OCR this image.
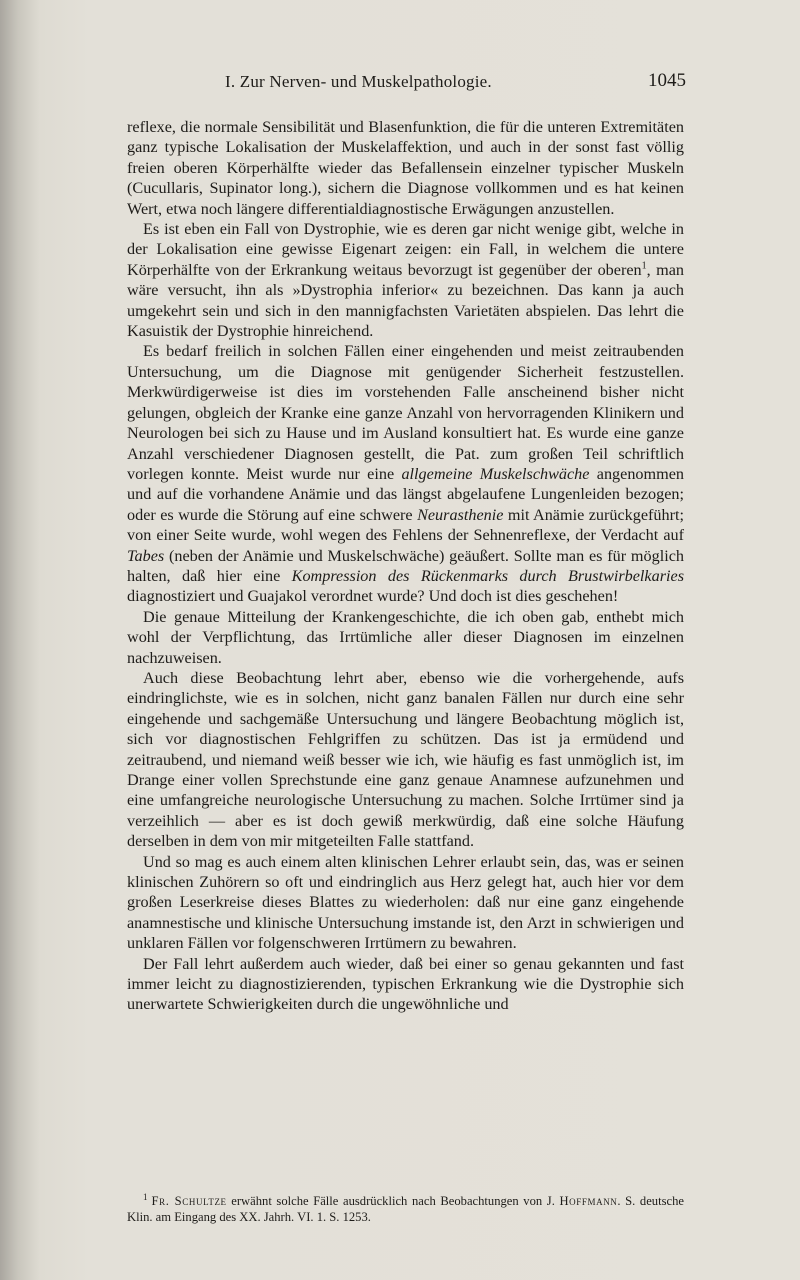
I. Zur Nerven- und Muskelpathologie.	1045

reflexe, die normale Sensibilität und Blasenfunktion, die für die unteren Extremitäten ganz typische Lokalisation der Muskelaffektion, und auch in der sonst fast völlig freien oberen Körperhälfte wieder das Befallensein einzelner typischer Muskeln (Cucullaris, Supinator long.), sichern die Diagnose vollkommen und es hat keinen Wert, etwa noch längere differentialdiagnostische Erwägungen anzustellen.

Es ist eben ein Fall von Dystrophie, wie es deren gar nicht wenige gibt, welche in der Lokalisation eine gewisse Eigenart zeigen: ein Fall, in welchem die untere Körperhälfte von der Erkrankung weitaus bevorzugt ist gegenüber der oberen$^1$, man wäre versucht, ihn als »Dystrophia inferior« zu bezeichnen. Das kann ja auch umgekehrt sein und sich in den mannigfachsten Varietäten abspielen. Das lehrt die Kasuistik der Dystrophie hinreichend.

Es bedarf freilich in solchen Fällen einer eingehenden und meist zeitraubenden Untersuchung, um die Diagnose mit genügender Sicherheit festzustellen. Merkwürdigerweise ist dies im vorstehenden Falle anscheinend bisher nicht gelungen, obgleich der Kranke eine ganze Anzahl von hervorragenden Klinikern und Neurologen bei sich zu Hause und im Ausland konsultiert hat. Es wurde eine ganze Anzahl verschiedener Diagnosen gestellt, die Pat. zum großen Teil schriftlich vorlegen konnte. Meist wurde nur eine allgemeine Muskelschwäche angenommen und auf die vorhandene Anämie und das längst abgelaufene Lungenleiden bezogen; oder es wurde die Störung auf eine schwere Neurasthenie mit Anämie zurückgeführt; von einer Seite wurde, wohl wegen des Fehlens der Sehnenreflexe, der Verdacht auf Tabes (neben der Anämie und Muskelschwäche) geäußert. Sollte man es für möglich halten, daß hier eine Kompression des Rückenmarks durch Brustwirbelkaries diagnostiziert und Guajakol verordnet wurde? Und doch ist dies geschehen!

Die genaue Mitteilung der Krankengeschichte, die ich oben gab, enthebt mich wohl der Verpflichtung, das Irrtümliche aller dieser Diagnosen im einzelnen nachzuweisen.

Auch diese Beobachtung lehrt aber, ebenso wie die vorhergehende, aufs eindringlichste, wie es in solchen, nicht ganz banalen Fällen nur durch eine sehr eingehende und sachgemäße Untersuchung und längere Beobachtung möglich ist, sich vor diagnostischen Fehlgriffen zu schützen. Das ist ja ermüdend und zeitraubend, und niemand weiß besser wie ich, wie häufig es fast unmöglich ist, im Drange einer vollen Sprechstunde eine ganz genaue Anamnese aufzunehmen und eine umfangreiche neurologische Untersuchung zu machen. Solche Irrtümer sind ja verzeihlich — aber es ist doch gewiß merkwürdig, daß eine solche Häufung derselben in dem von mir mitgeteilten Falle stattfand.

Und so mag es auch einem alten klinischen Lehrer erlaubt sein, das, was er seinen klinischen Zuhörern so oft und eindringlich aus Herz gelegt hat, auch hier vor dem großen Leserkreise dieses Blattes zu wiederholen: daß nur eine ganz eingehende anamnestische und klinische Untersuchung imstande ist, den Arzt in schwierigen und unklaren Fällen vor folgenschweren Irrtümern zu bewahren.

Der Fall lehrt außerdem auch wieder, daß bei einer so genau gekannten und fast immer leicht zu diagnostizierenden, typischen Erkrankung wie die Dystrophie sich unerwartete Schwierigkeiten durch die ungewöhnliche und

$^1$ Fr. Schultze erwähnt solche Fälle ausdrücklich nach Beobachtungen von J. Hoffmann. S. deutsche Klin. am Eingang des XX. Jahrh. VI. 1. S. 1253.
